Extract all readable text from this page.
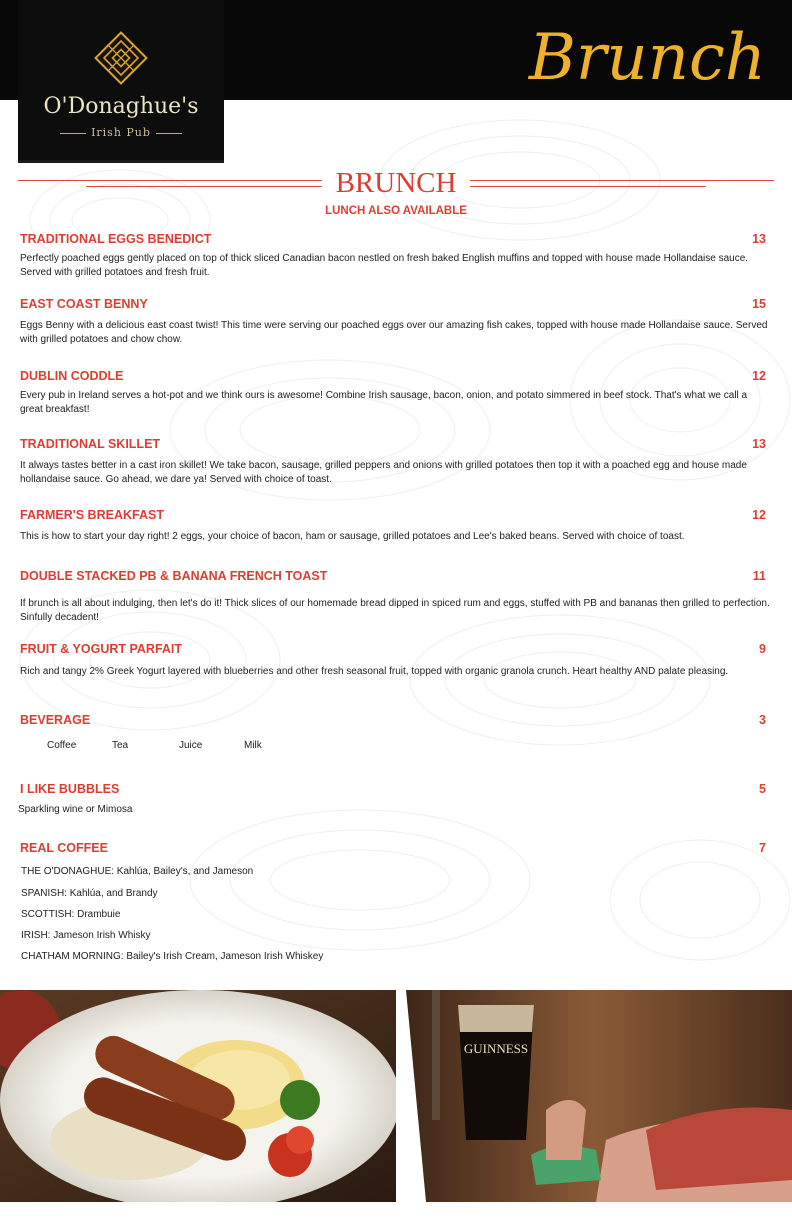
O'Donaghue's
Irish Pub
Brunch
BRUNCH
LUNCH ALSO AVAILABLE
TRADITIONAL EGGS BENEDICT	13
Perfectly poached eggs gently placed on top of thick sliced Canadian bacon nestled on fresh baked English muffins and topped with house made Hollandaise sauce. Served with grilled potatoes and fresh fruit.
EAST COAST BENNY	15
Eggs Benny with a delicious east coast twist! This time were serving our poached eggs over our amazing fish cakes, topped with house made Hollandaise sauce. Served with grilled potatoes and chow chow.
DUBLIN CODDLE	12
Every pub in Ireland serves a hot-pot and we think ours is awesome! Combine Irish sausage, bacon, onion, and potato simmered in beef stock. That's what we call a great breakfast!
TRADITIONAL SKILLET	13
It always tastes better in a cast iron skillet! We take bacon, sausage, grilled peppers and onions with grilled potatoes then top it with a poached egg and house made hollandaise sauce. Go ahead, we dare ya! Served with choice of toast.
FARMER'S BREAKFAST	12
This is how to start your day right! 2 eggs, your choice of bacon, ham or sausage, grilled potatoes and Lee's baked beans. Served with choice of toast.
DOUBLE STACKED PB & BANANA FRENCH TOAST	11
If brunch is all about indulging, then let's do it! Thick slices of our homemade bread dipped in spiced rum and eggs, stuffed with PB and bananas then grilled to perfection. Sinfully decadent!
FRUIT & YOGURT PARFAIT	9
Rich and tangy 2% Greek Yogurt layered with blueberries and other fresh seasonal fruit, topped with organic granola crunch. Heart healthy AND palate pleasing.
BEVERAGE	3
Coffee	Tea	Juice	Milk
I LIKE BUBBLES	5
Sparkling wine or Mimosa
REAL COFFEE	7
THE O'DONAGHUE: Kahlúa, Bailey's, and Jameson
SPANISH: Kahlúa, and Brandy
SCOTTISH: Drambuie
IRISH: Jameson Irish Whisky
CHATHAM MORNING: Bailey's Irish Cream, Jameson Irish Whiskey
GUINNESS
